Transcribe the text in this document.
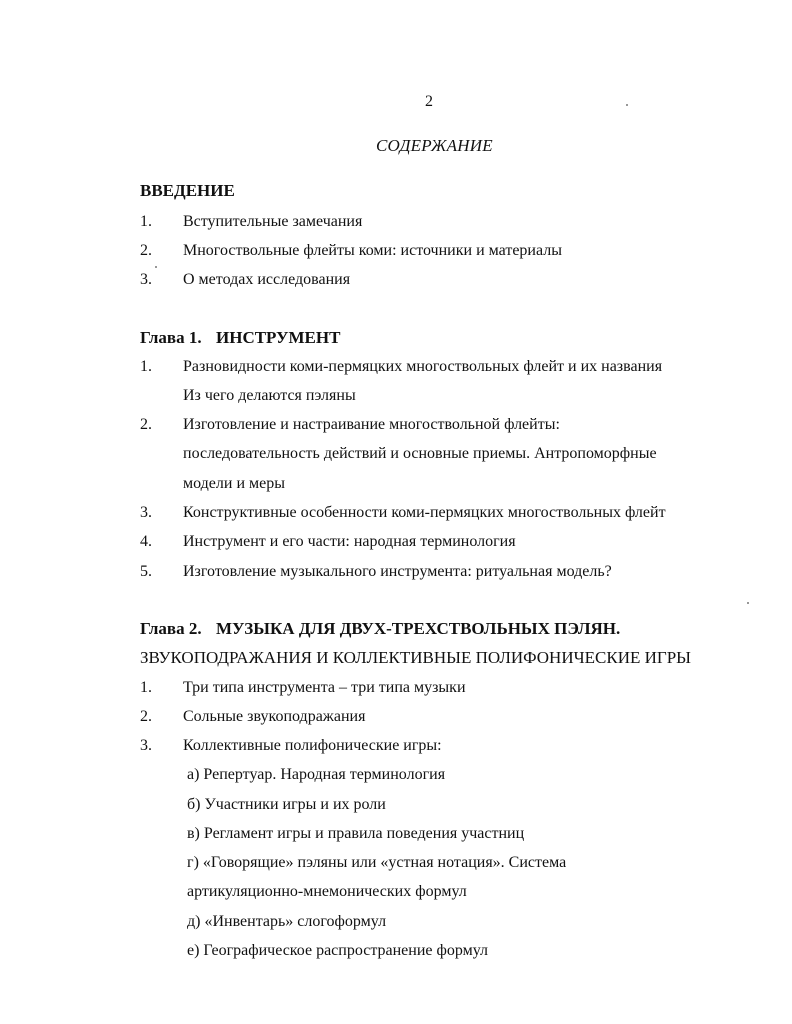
2
СОДЕРЖАНИЕ
ВВЕДЕНИЕ
1. Вступительные замечания
2. Многоствольные флейты коми: источники и материалы
3. О методах исследования
Глава 1. ИНСТРУМЕНТ
1. Разновидности коми-пермяцких многоствольных флейт и их названия
Из чего делаются пэляны
2. Изготовление и настраивание многоствольной флейты:
последовательность действий и основные приемы. Антропоморфные
модели и меры
3. Конструктивные особенности коми-пермяцких многоствольных флейт
4. Инструмент и его части: народная терминология
5. Изготовление музыкального инструмента: ритуальная модель?
Глава 2. МУЗЫКА ДЛЯ ДВУХ-ТРЕХСТВОЛЬНЫХ ПЭЛЯН.
ЗВУКОПОДРАЖАНИЯ И КОЛЛЕКТИВНЫЕ ПОЛИФОНИЧЕСКИЕ ИГРЫ
1. Три типа инструмента – три типа музыки
2. Сольные звукоподражания
3. Коллективные полифонические игры:
а) Репертуар. Народная терминология
б) Участники игры и их роли
в) Регламент игры и правила поведения участниц
г) «Говорящие» пэляны или «устная нотация». Система
артикуляционно-мнемонических формул
д) «Инвентарь» слогоформул
е) Географическое распространение формул
